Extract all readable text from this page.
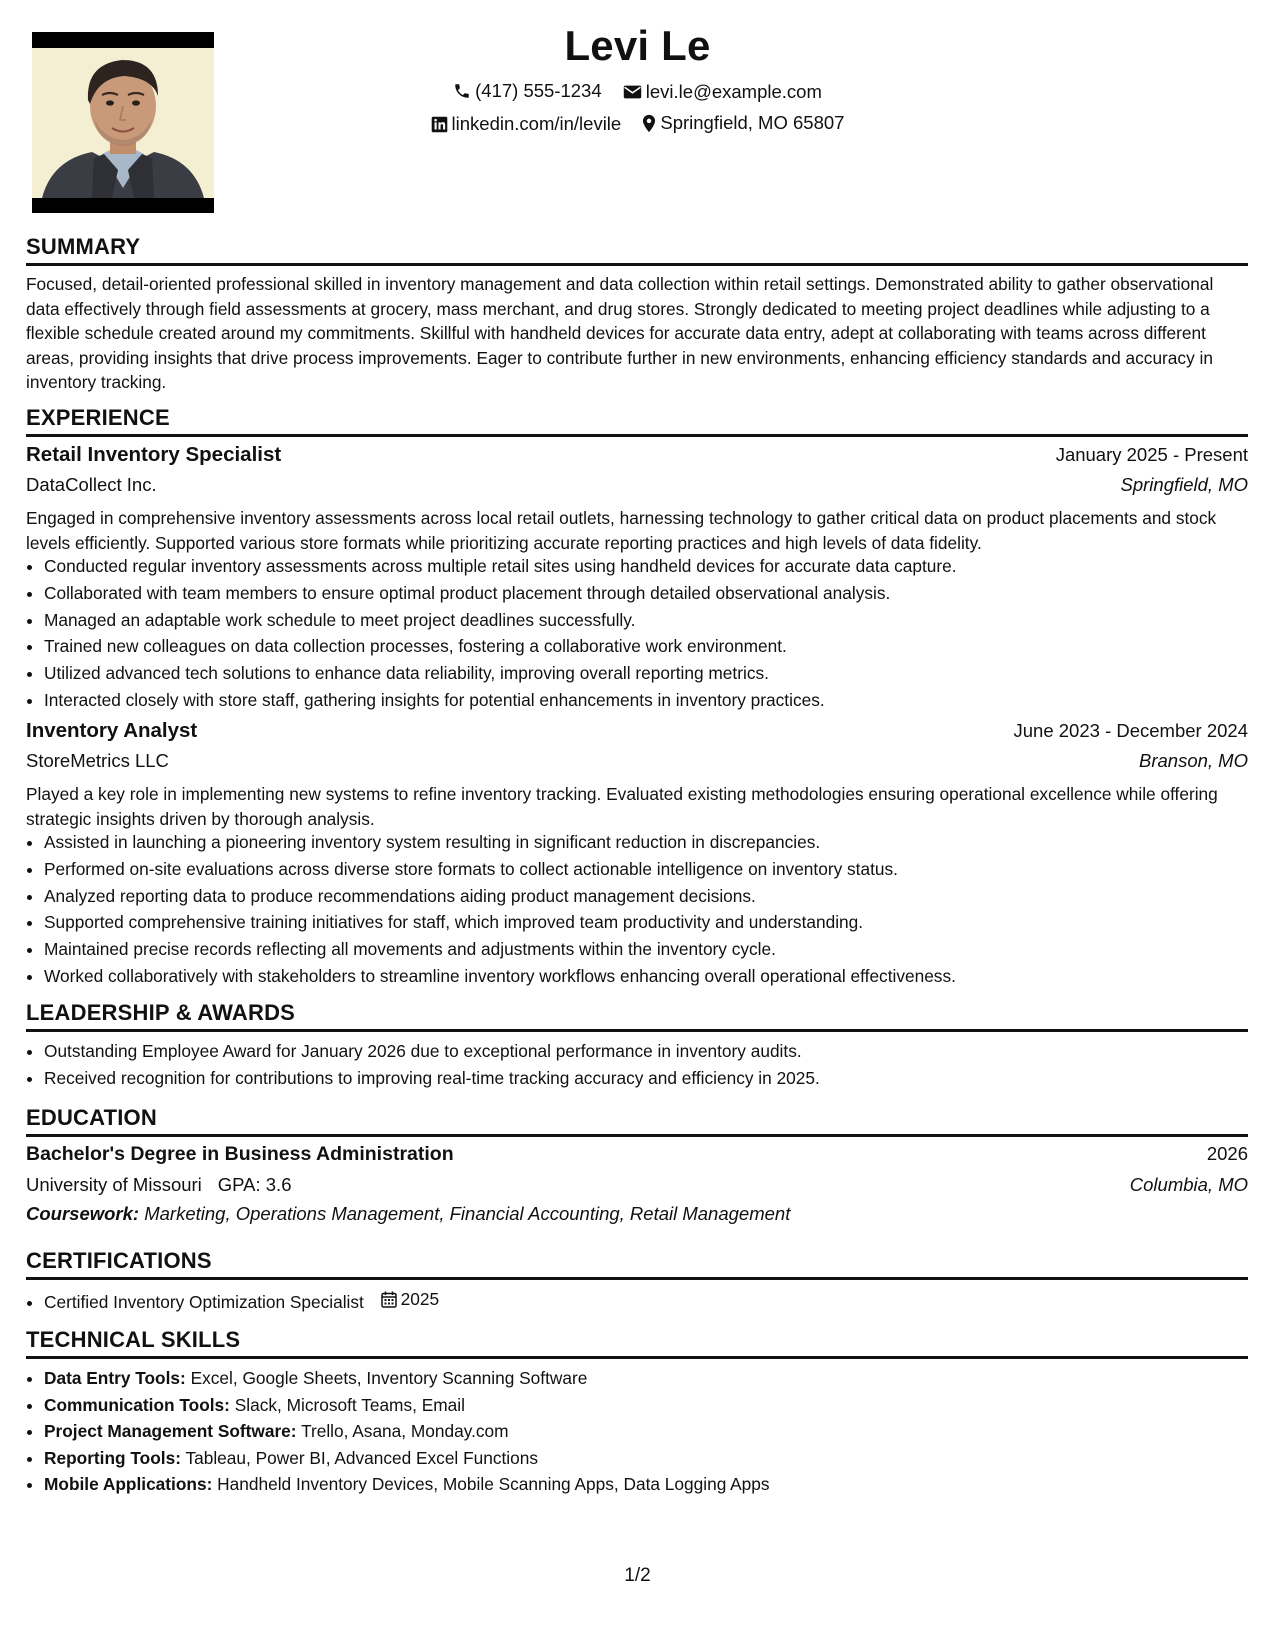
Levi Le
(417) 555-1234
levi.le@example.com
linkedin.com/in/levile
Springfield, MO 65807
SUMMARY

Focused, detail-oriented professional skilled in inventory management and data collection within retail settings. Demonstrated ability to gather observational data effectively through field assessments at grocery, mass merchant, and drug stores. Strongly dedicated to meeting project deadlines while adjusting to a flexible schedule created around my commitments. Skillful with handheld devices for accurate data entry, adept at collaborating with teams across different areas, providing insights that drive process improvements. Eager to contribute further in new environments, enhancing efficiency standards and accuracy in inventory tracking.

EXPERIENCE
Retail Inventory Specialist	January 2025 - Present
DataCollect Inc.	Springfield, MO

Engaged in comprehensive inventory assessments across local retail outlets, harnessing technology to gather critical data on product placements and stock levels efficiently. Supported various store formats while prioritizing accurate reporting practices and high levels of data fidelity.

• Conducted regular inventory assessments across multiple retail sites using handheld devices for accurate data capture.
• Collaborated with team members to ensure optimal product placement through detailed observational analysis.
• Managed an adaptable work schedule to meet project deadlines successfully.
• Trained new colleagues on data collection processes, fostering a collaborative work environment.
• Utilized advanced tech solutions to enhance data reliability, improving overall reporting metrics.
• Interacted closely with store staff, gathering insights for potential enhancements in inventory practices.
Inventory Analyst	June 2023 - December 2024
StoreMetrics LLC	Branson, MO

Played a key role in implementing new systems to refine inventory tracking. Evaluated existing methodologies ensuring operational excellence while offering strategic insights driven by thorough analysis.

• Assisted in launching a pioneering inventory system resulting in significant reduction in discrepancies.
• Performed on-site evaluations across diverse store formats to collect actionable intelligence on inventory status.
• Analyzed reporting data to produce recommendations aiding product management decisions.
• Supported comprehensive training initiatives for staff, which improved team productivity and understanding.
• Maintained precise records reflecting all movements and adjustments within the inventory cycle.
• Worked collaboratively with stakeholders to streamline inventory workflows enhancing overall operational effectiveness.
LEADERSHIP & AWARDS
• Outstanding Employee Award for January 2026 due to exceptional performance in inventory audits.
• Received recognition for contributions to improving real-time tracking accuracy and efficiency in 2025.
EDUCATION
Bachelor's Degree in Business Administration	2026
University of Missouri GPA: 3.6	Columbia, MO
Coursework: Marketing, Operations Management, Financial Accounting, Retail Management
CERTIFICATIONS
• Certified Inventory Optimization Specialist 2025
TECHNICAL SKILLS
• Data Entry Tools: Excel, Google Sheets, Inventory Scanning Software
• Communication Tools: Slack, Microsoft Teams, Email
• Project Management Software: Trello, Asana, Monday.com
• Reporting Tools: Tableau, Power BI, Advanced Excel Functions
• Mobile Applications: Handheld Inventory Devices, Mobile Scanning Apps, Data Logging Apps
1/2
